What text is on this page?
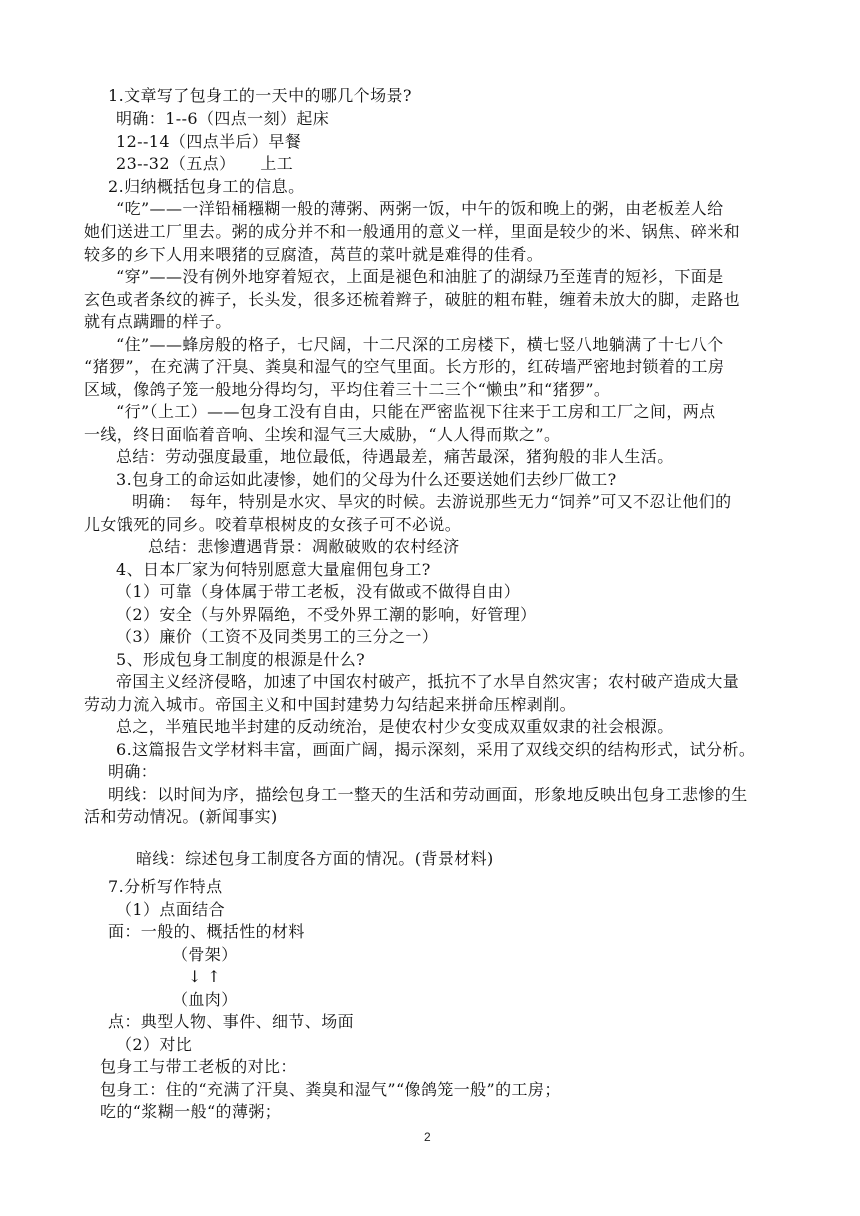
1.文章写了包身工的一天中的哪几个场景?
明确：1--6（四点一刻）起床
12--14（四点半后）早餐
23--32（五点）　　上工
2.归纳概括包身工的信息。
“吃”——一洋铅桶糨糊一般的薄粥、两粥一饭，中午的饭和晚上的粥，由老板差人给
她们送进工厂里去。粥的成分并不和一般通用的意义一样，里面是较少的米、锅焦、碎米和
较多的乡下人用来喂猪的豆腐渣，莴苣的菜叶就是难得的佳肴。
“穿”——没有例外地穿着短衣，上面是褪色和油脏了的湖绿乃至莲青的短衫，下面是
玄色或者条纹的裤子，长头发，很多还梳着辫子，破脏的粗布鞋，缠着未放大的脚，走路也
就有点蹒跚的样子。
“住”——蜂房般的格子，七尺阔，十二尺深的工房楼下，横七竖八地躺满了十七八个
“猪猡”，在充满了汗臭、粪臭和湿气的空气里面。长方形的，红砖墙严密地封锁着的工房
区域，像鸽子笼一般地分得均匀，平均住着三十二三个“懒虫”和“猪猡”。
“行”（上工）——包身工没有自由，只能在严密监视下往来于工房和工厂之间，两点
一线，终日面临着音响、尘埃和湿气三大威胁，“人人得而欺之”。
总结：劳动强度最重，地位最低，待遇最差，痛苦最深，猪狗般的非人生活。
3.包身工的命运如此凄惨，她们的父母为什么还要送她们去纱厂做工?
明确：　每年，特别是水灾、旱灾的时候。去游说那些无力“饲养”可又不忍让他们的
儿女饿死的同乡。咬着草根树皮的女孩子可不必说。
总结：悲惨遭遇背景：凋敝破败的农村经济
4、日本厂家为何特别愿意大量雇佣包身工?
（1）可靠（身体属于带工老板，没有做或不做得自由）
（2）安全（与外界隔绝，不受外界工潮的影响，好管理）
（3）廉价（工资不及同类男工的三分之一）
5、形成包身工制度的根源是什么?
帝国主义经济侵略，加速了中国农村破产，抵抗不了水旱自然灾害；农村破产造成大量
劳动力流入城市。帝国主义和中国封建势力勾结起来拼命压榨剥削。
总之，半殖民地半封建的反动统治，是使农村少女变成双重奴隶的社会根源。
6.这篇报告文学材料丰富，画面广阔，揭示深刻，采用了双线交织的结构形式，试分析。
明确：
明线：以时间为序，描绘包身工一整天的生活和劳动画面，形象地反映出包身工悲惨的生
活和劳动情况。(新闻事实)
暗线：综述包身工制度各方面的情况。(背景材料)
7.分析写作特点
（1）点面结合
面：一般的、概括性的材料
（骨架）
↓ ↑
（血肉）
点：典型人物、事件、细节、场面
（2）对比
包身工与带工老板的对比：
包身工：住的“充满了汗臭、粪臭和湿气”“像鸽笼一般”的工房；
吃的“浆糊一般“的薄粥；
2
